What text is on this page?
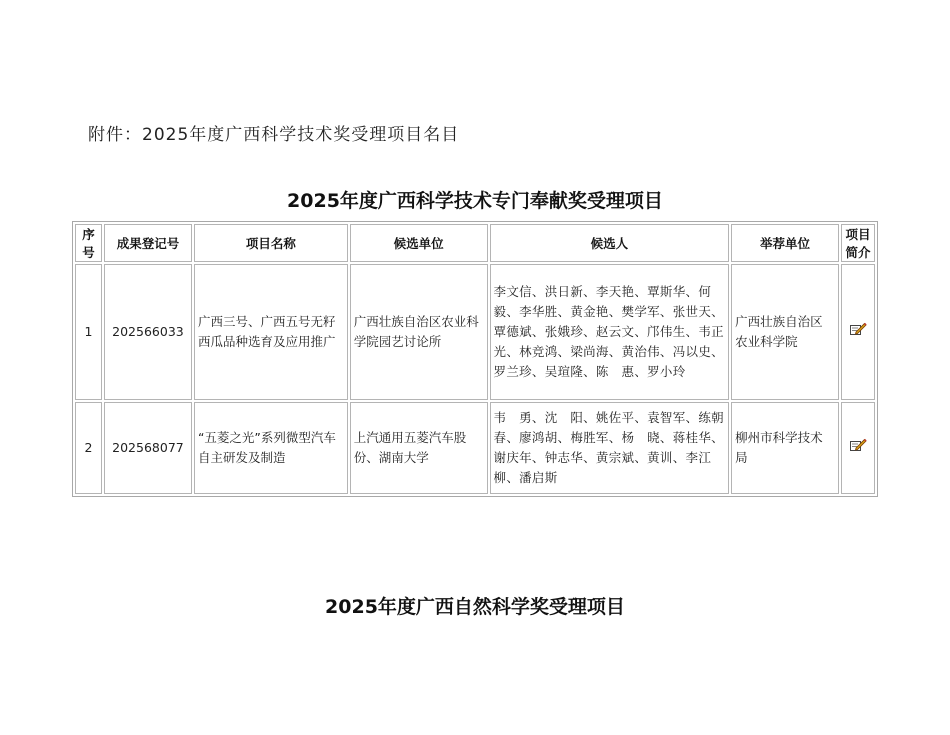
附件：2025年度广西科学技术奖受理项目名目
2025年度广西科学技术专门奉献奖受理项目
序号	成果登记号	项目名称	候选单位	候选人	举荐单位	项目简介
1	202566033	广西三号、广西五号无籽西瓜品种选育及应用推广	广西壮族自治区农业科学院园艺讨论所	李文信、洪日新、李天艳、覃斯华、何　毅、李华胜、黄金艳、樊学军、张世天、覃德斌、张娥珍、赵云文、邝伟生、韦正光、林竞鸿、梁尚海、黄治伟、冯以史、罗兰珍、吴瑄隆、陈　惠、罗小玲	广西壮族自治区农业科学院	
2	202568077	“五菱之光”系列微型汽车自主研发及制造	上汽通用五菱汽车股份、湖南大学	韦　勇、沈　阳、姚佐平、袁智军、练朝春、廖鸿胡、梅胜军、杨　晓、蒋桂华、谢庆年、钟志华、黄宗斌、黄训、李江柳、潘启斯	柳州市科学技术局	
2025年度广西自然科学奖受理项目
